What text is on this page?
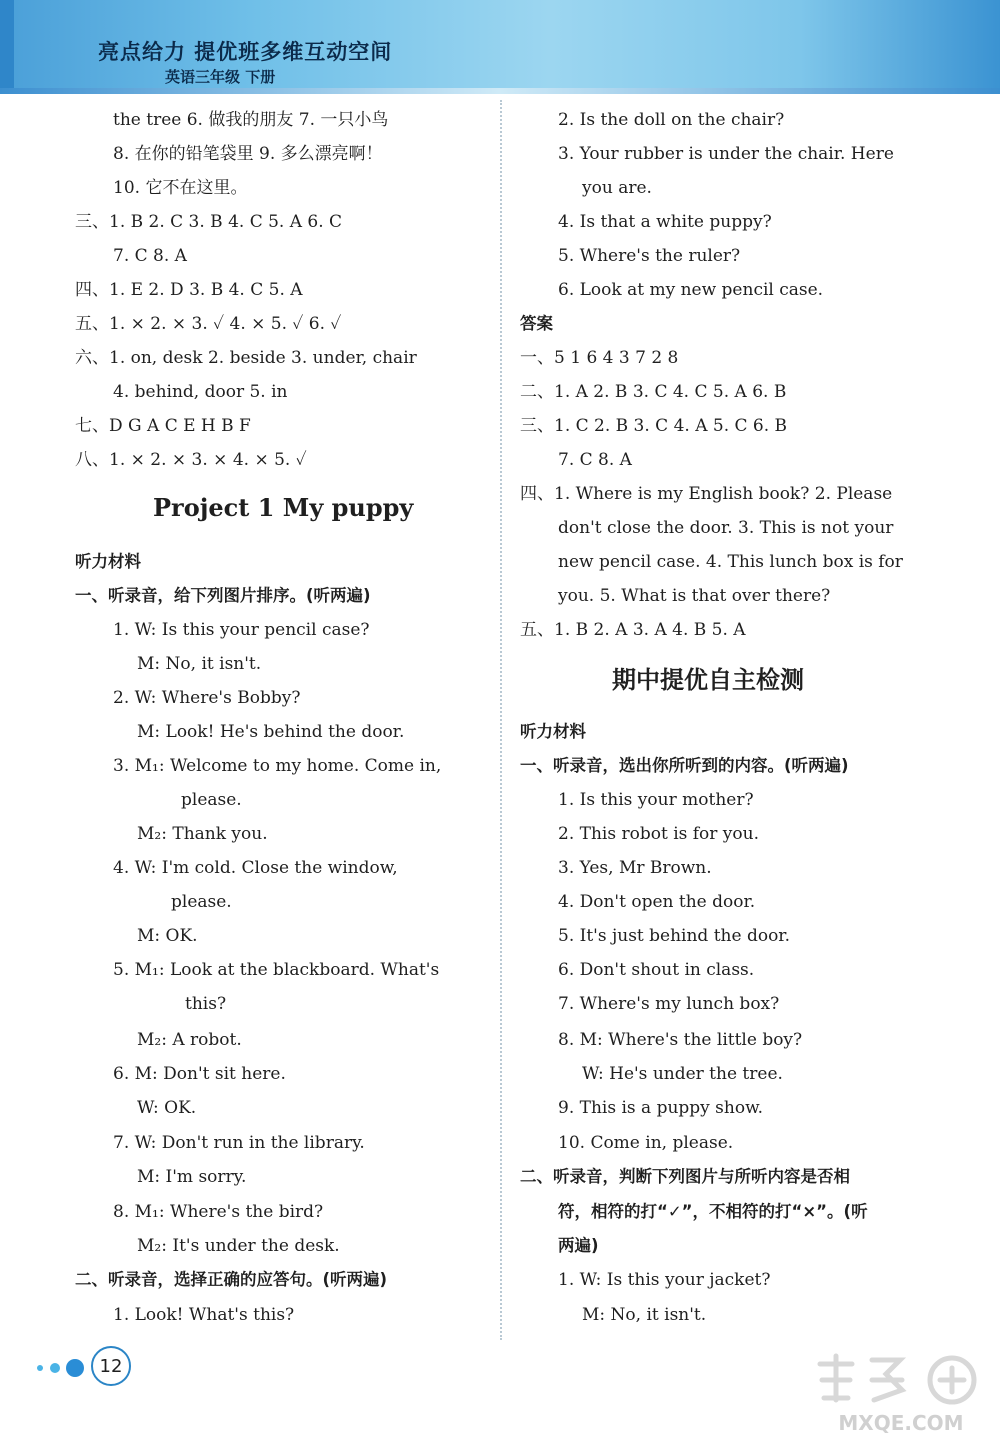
亮点给力 提优班多维互动空间
英语三年级 下册
the tree 6. 做我的朋友 7. 一只小鸟
8. 在你的铅笔袋里 9. 多么漂亮啊！
10. 它不在这里。
三、1. B 2. C 3. B 4. C 5. A 6. C
7. C 8. A
四、1. E 2. D 3. B 4. C 5. A
五、1. × 2. × 3. ✓ 4. × 5. ✓ 6. ✓
六、1. on, desk 2. beside 3. under, chair
4. behind, door 5. in
七、D G A C E H B F
八、1. × 2. × 3. × 4. × 5. ✓
Project 1 My puppy
听力材料
一、听录音，给下列图片排序。(听两遍)
1. W: Is this your pencil case?
M: No, it isn't.
2. W: Where's Bobby?
M: Look! He's behind the door.
3. M₁: Welcome to my home. Come in,
please.
M₂: Thank you.
4. W: I'm cold. Close the window,
please.
M: OK.
5. M₁: Look at the blackboard. What's
this?
M₂: A robot.
6. M: Don't sit here.
W: OK.
7. W: Don't run in the library.
M: I'm sorry.
8. M₁: Where's the bird?
M₂: It's under the desk.
二、听录音，选择正确的应答句。(听两遍)
1. Look! What's this?
2. Is the doll on the chair?
3. Your rubber is under the chair. Here
you are.
4. Is that a white puppy?
5. Where's the ruler?
6. Look at my new pencil case.
答案
一、5 1 6 4 3 7 2 8
二、1. A 2. B 3. C 4. C 5. A 6. B
三、1. C 2. B 3. C 4. A 5. C 6. B
7. C 8. A
四、1. Where is my English book? 2. Please
don't close the door. 3. This is not your
new pencil case. 4. This lunch box is for
you. 5. What is that over there?
五、1. B 2. A 3. A 4. B 5. A
期中提优自主检测
听力材料
一、听录音，选出你所听到的内容。(听两遍)
1. Is this your mother?
2. This robot is for you.
3. Yes, Mr Brown.
4. Don't open the door.
5. It's just behind the door.
6. Don't shout in class.
7. Where's my lunch box?
8. M: Where's the little boy?
W: He's under the tree.
9. This is a puppy show.
10. Come in, please.
二、听录音，判断下列图片与所听内容是否相
符，相符的打“✓”，不相符的打“×”。(听
两遍)
1. W: Is this your jacket?
M: No, it isn't.
12
MXQE.COM
